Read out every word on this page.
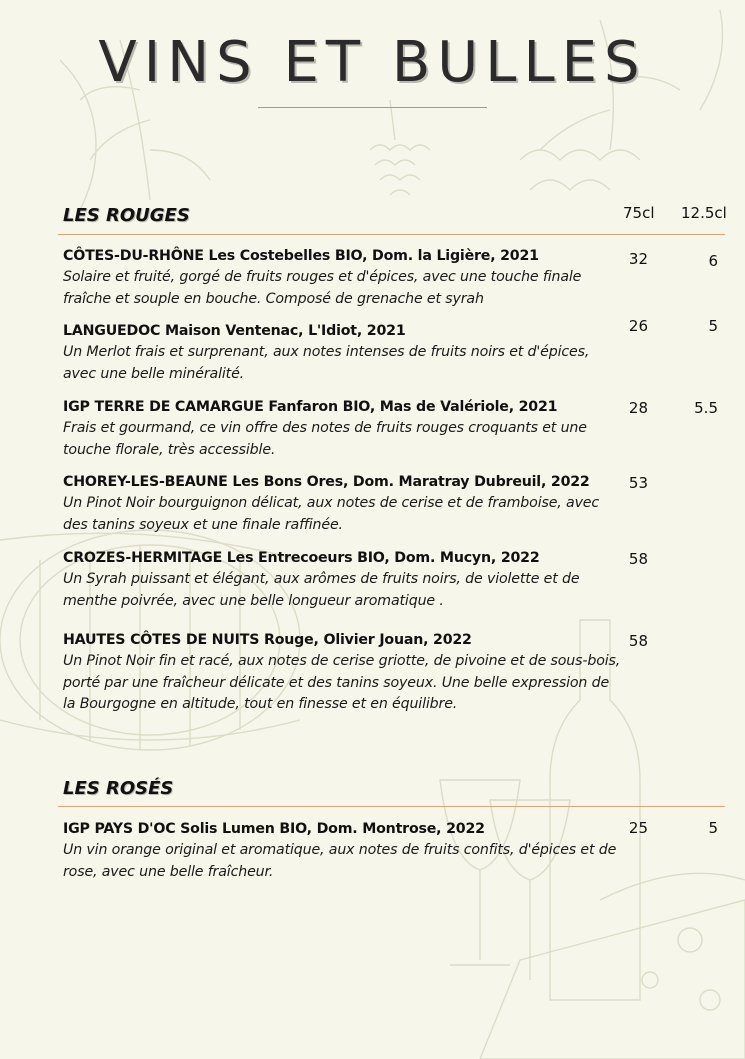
VINS ET BULLES
LES ROUGES	75cl 12.5cl
CÔTES-DU-RHÔNE Les Costebelles BIO, Dom. la Ligière, 2021
Solaire et fruité, gorgé de fruits rouges et d'épices, avec une touche finale fraîche et souple en bouche. Composé de grenache et syrah
32	6
LANGUEDOC Maison Ventenac, L'Idiot, 2021
Un Merlot frais et surprenant, aux notes intenses de fruits noirs et d'épices, avec une belle minéralité.
26	5
IGP TERRE DE CAMARGUE Fanfaron BIO, Mas de Valériole, 2021
Frais et gourmand, ce vin offre des notes de fruits rouges croquants et une touche florale, très accessible.
28	5.5
CHOREY-LES-BEAUNE Les Bons Ores, Dom. Maratray Dubreuil, 2022
Un Pinot Noir bourguignon délicat, aux notes de cerise et de framboise, avec des tanins soyeux et une finale raffinée.
53
CROZES-HERMITAGE Les Entrecoeurs BIO, Dom. Mucyn, 2022
Un Syrah puissant et élégant, aux arômes de fruits noirs, de violette et de menthe poivrée, avec une belle longueur aromatique .
58
HAUTES CÔTES DE NUITS Rouge, Olivier Jouan, 2022
Un Pinot Noir fin et racé, aux notes de cerise griotte, de pivoine et de sous-bois, porté par une fraîcheur délicate et des tanins soyeux. Une belle expression de la Bourgogne en altitude, tout en finesse et en équilibre.
58
LES ROSÉS
IGP PAYS D'OC Solis Lumen BIO, Dom. Montrose, 2022
Un vin orange original et aromatique, aux notes de fruits confits, d'épices et de rose, avec une belle fraîcheur.
25	5
